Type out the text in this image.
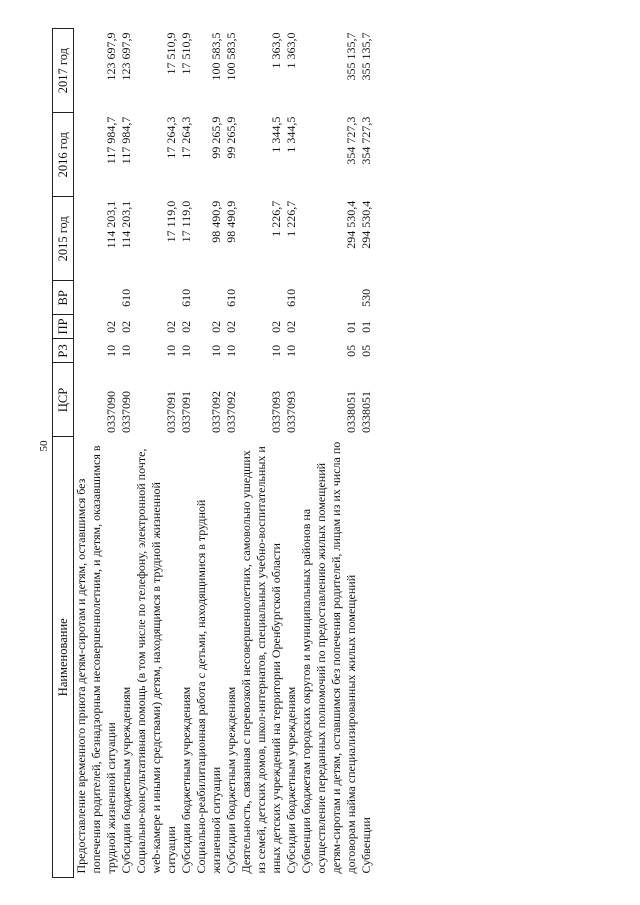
50
Наименование	ЦСР	РЗ	ПР	ВР	2015 год	2016 год	2017 год
Предоставление временного приюта детям-сиротам и детям, оставшимся без попечения родителей, безнадзорным несовершеннолетним, и детям, оказавшимся в трудной жизненной ситуации	0337090	10	02		114 203,1	117 984,7	123 697,9
Субсидии бюджетным учреждениям	0337090	10	02	610	114 203,1	117 984,7	123 697,9
Социально-консультативная помощь (в том числе по телефону, электронной почте, web-камере и иными средствами) детям, находящимся в трудной жизненной ситуации	0337091	10	02		17 119,0	17 264,3	17 510,9
Субсидии бюджетным учреждениям	0337091	10	02	610	17 119,0	17 264,3	17 510,9
Социально-реабилитационная работа с детьми, находящимися в трудной жизненной ситуации	0337092	10	02		98 490,9	99 265,9	100 583,5
Субсидии бюджетным учреждениям	0337092	10	02	610	98 490,9	99 265,9	100 583,5
Деятельность, связанная с перевозкой несовершеннолетних, самовольно ушедших из семей, детских домов, школ-интернатов, специальных учебно-воспитательных и иных детских учреждений на территории Оренбургской области	0337093	10	02		1 226,7	1 344,5	1 363,0
Субсидии бюджетным учреждениям	0337093	10	02	610	1 226,7	1 344,5	1 363,0
Субвенции бюджетам городских округов и муниципальных районов на осуществление переданных полномочий по предоставлению жилых помещений детям-сиротам и детям, оставшимся без попечения родителей, лицам из их числа по договорам найма специализированных жилых помещений	0338051	05	01		294 530,4	354 727,3	355 135,7
Субвенции	0338051	05	01	530	294 530,4	354 727,3	355 135,7
